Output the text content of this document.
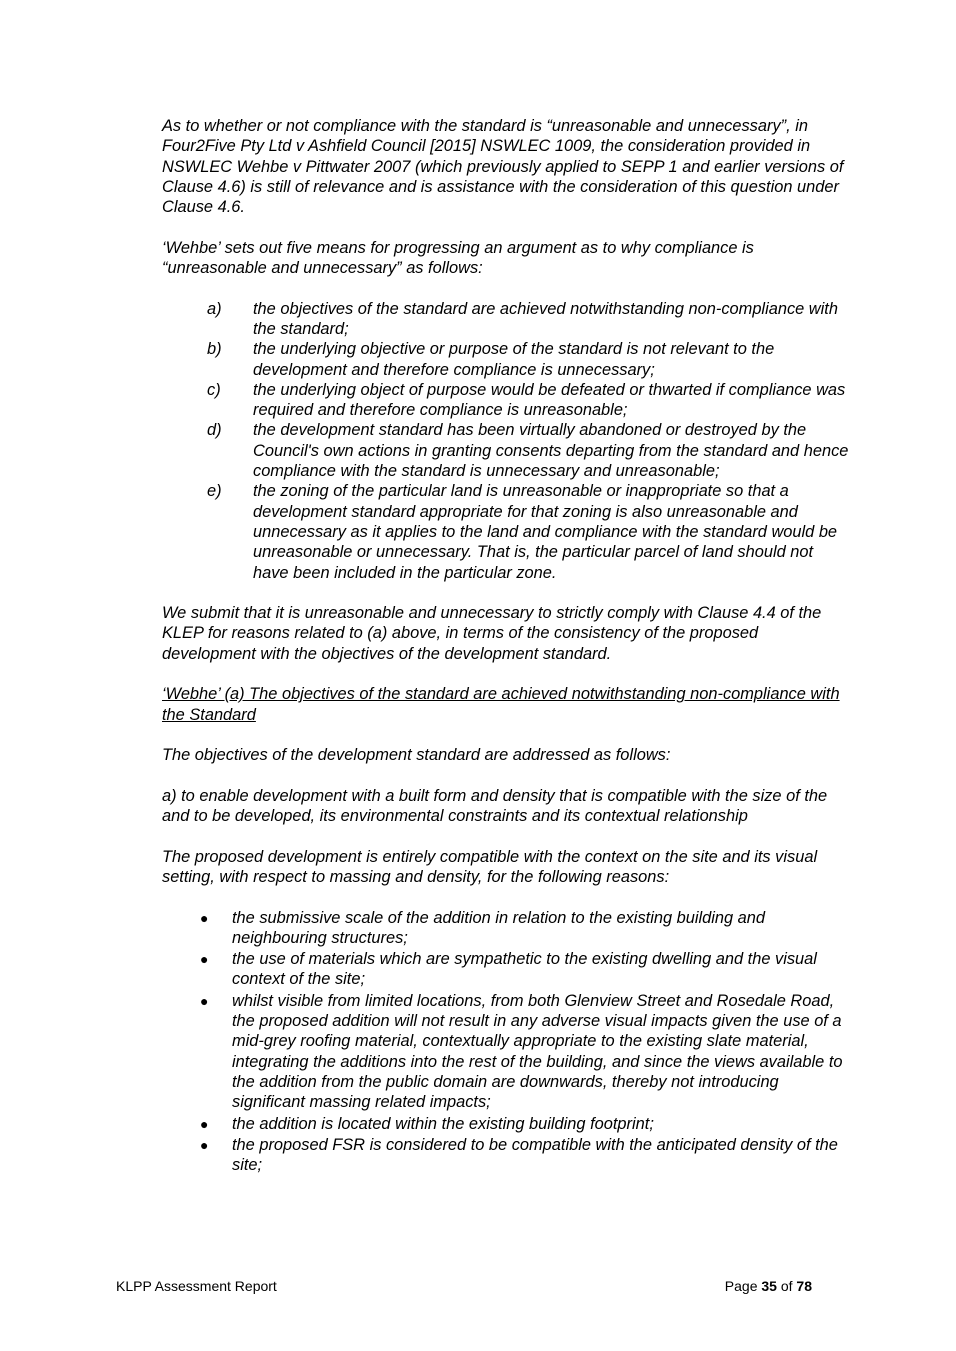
As to whether or not compliance with the standard is “unreasonable and unnecessary”, in Four2Five Pty Ltd v Ashfield Council [2015] NSWLEC 1009, the consideration provided in NSWLEC Wehbe v Pittwater 2007 (which previously applied to SEPP 1 and earlier versions of Clause 4.6) is still of relevance and is assistance with the consideration of this question under Clause 4.6.

‘Wehbe’ sets out five means for progressing an argument as to why compliance is “unreasonable and unnecessary” as follows:

a)	the objectives of the standard are achieved notwithstanding non-compliance with the standard;
b)	the underlying objective or purpose of the standard is not relevant to the development and therefore compliance is unnecessary;
c)	the underlying object of purpose would be defeated or thwarted if compliance was required and therefore compliance is unreasonable;
d)	the development standard has been virtually abandoned or destroyed by the Council's own actions in granting consents departing from the standard and hence compliance with the standard is unnecessary and unreasonable;
e)	the zoning of the particular land is unreasonable or inappropriate so that a development standard appropriate for that zoning is also unreasonable and unnecessary as it applies to the land and compliance with the standard would be unreasonable or unnecessary. That is, the particular parcel of land should not have been included in the particular zone.

We submit that it is unreasonable and unnecessary to strictly comply with Clause 4.4 of the KLEP for reasons related to (a) above, in terms of the consistency of the proposed development with the objectives of the development standard.

‘Webhe’ (a) The objectives of the standard are achieved notwithstanding non-compliance with the Standard

The objectives of the development standard are addressed as follows:

a) to enable development with a built form and density that is compatible with the size of the and to be developed, its environmental constraints and its contextual relationship

The proposed development is entirely compatible with the context on the site and its visual setting, with respect to massing and density, for the following reasons:

●	the submissive scale of the addition in relation to the existing building and neighbouring structures;
●	the use of materials which are sympathetic to the existing dwelling and the visual context of the site;
●	whilst visible from limited locations, from both Glenview Street and Rosedale Road, the proposed addition will not result in any adverse visual impacts given the use of a mid-grey roofing material, contextually appropriate to the existing slate material, integrating the additions into the rest of the building, and since the views available to the addition from the public domain are downwards, thereby not introducing significant massing related impacts;
●	the addition is located within the existing building footprint;
●	the proposed FSR is considered to be compatible with the anticipated density of the site;
KLPP Assessment Report	Page 35 of 78
